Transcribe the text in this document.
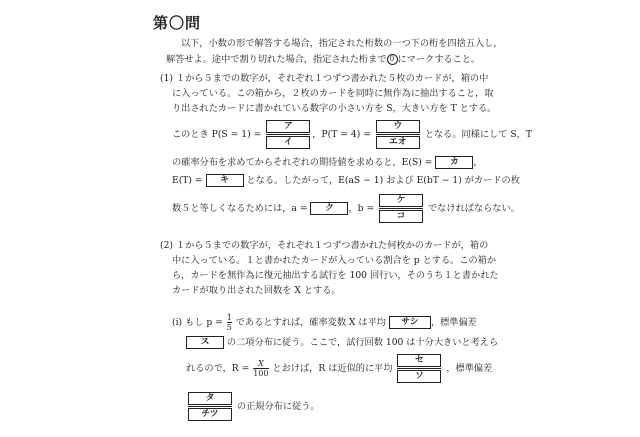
第〇問
以下，小数の形で解答する場合，指定された桁数の一つ下の桁を四捨五入し，
解答せよ。途中で割り切れた場合，指定された桁まで 0 にマークすること。
(1) １から５までの数字が，それぞれ１つずつ書かれた５枚のカードが，箱の中
に入っている。この箱から，２枚のカードを同時に無作為に抽出すること，取
り出されたカードに書かれている数字の小さい方を S，大きい方を T とする。
このとき P(S = 1) =
ア
イ
，P(T = 4) =
ウ
エオ
となる。同様にして S，T
の確率分布を求めてからそれぞれの期待値を求めると，E(S) = カ ，
E(T) = キ となる。したがって，E(aS − 1) および E(bT − 1) がカードの枚
数５と等しくなるためには，a = ク ，b =
ケ
コ
でなければならない。
(2) １から５までの数字が，それぞれ１つずつ書かれた何枚かのカードが，箱の
中に入っている。１と書かれたカードが入っている割合を p とする。この箱か
ら，カードを無作為に復元抽出する試行を 100 回行い，そのうち１と書かれた
カードが取り出された回数を X とする。
(i) もし $p = \frac{1}{5}$ であるとすれば，確率変数 X は平均 サシ ，標準偏差
ス の二項分布に従う。ここで，試行回数 100 は十分大きいと考えら
れるので，$R = \frac{X}{100}$ とおけば，R は近似的に平均
セ
ソ
，標準偏差
タ
チツ
の正規分布に従う。
